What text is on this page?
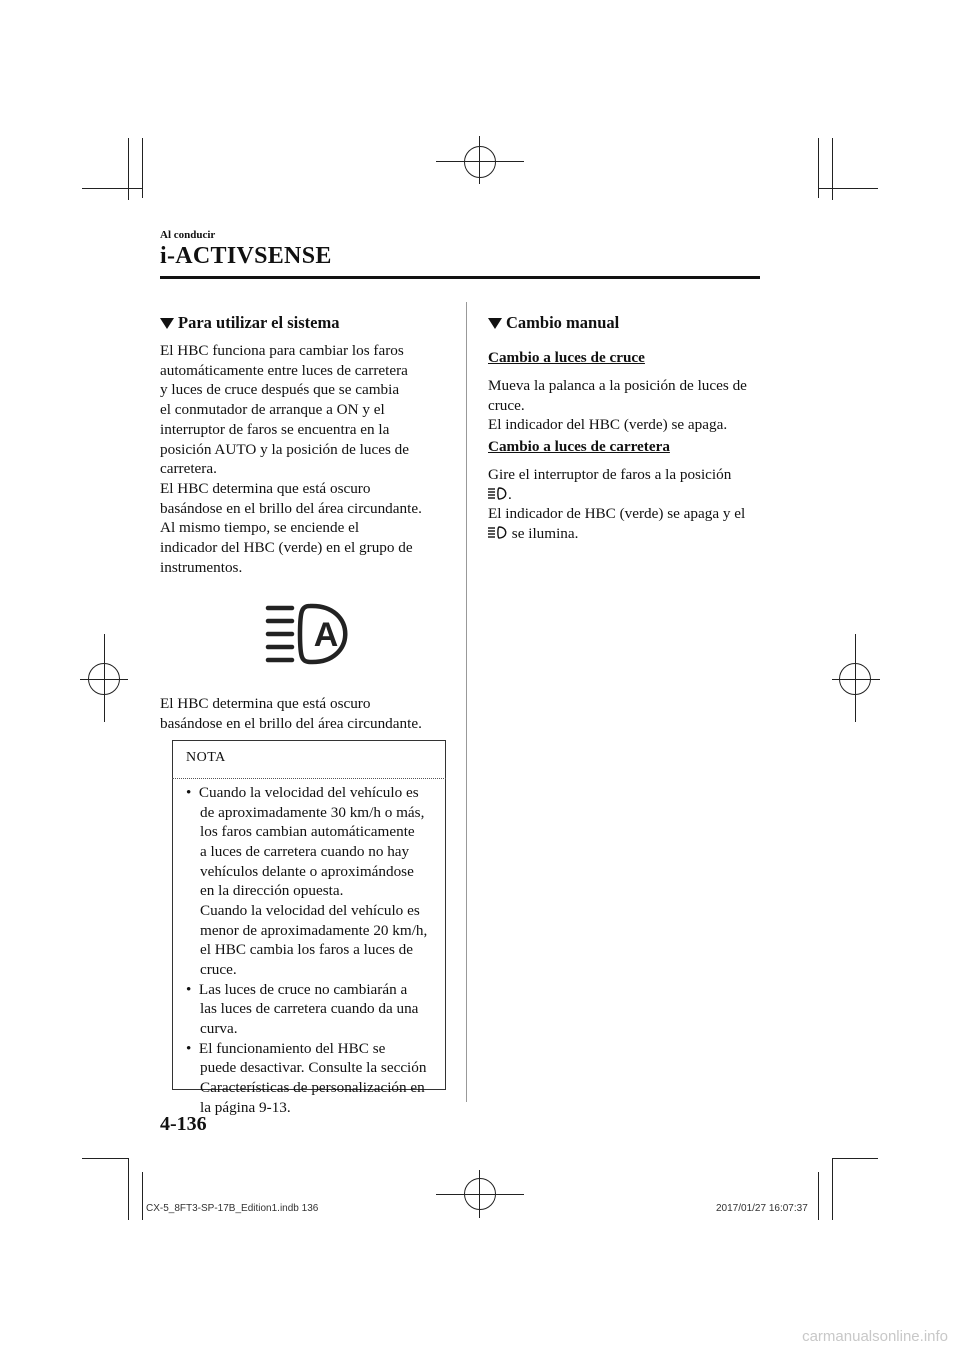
Al conducir
i-ACTIVSENSE
Para utilizar el sistema
El HBC funciona para cambiar los faros
automáticamente entre luces de carretera
y luces de cruce después que se cambia
el conmutador de arranque a ON y el
interruptor de faros se encuentra en la
posición AUTO y la posición de luces de
carretera.
El HBC determina que está oscuro
basándose en el brillo del área circundante.
Al mismo tiempo, se enciende el
indicador del HBC (verde) en el grupo de
instrumentos.
A
El HBC determina que está oscuro
basándose en el brillo del área circundante.
NOTA
• Cuando la velocidad del vehículo es
de aproximadamente 30 km/h o más,
los faros cambian automáticamente
a luces de carretera cuando no hay
vehículos delante o aproximándose
en la dirección opuesta.
Cuando la velocidad del vehículo es
menor de aproximadamente 20 km/h,
el HBC cambia los faros a luces de
cruce.
• Las luces de cruce no cambiarán a
las luces de carretera cuando da una
curva.
• El funcionamiento del HBC se
puede desactivar. Consulte la sección
Características de personalización en
la página 9-13.
Cambio manual
Cambio a luces de cruce
Mueva la palanca a la posición de luces de
cruce.
El indicador del HBC (verde) se apaga.
Cambio a luces de carretera
Gire el interruptor de faros a la posición
.
El indicador de HBC (verde) se apaga y el
se ilumina.
4-136
CX-5_8FT3-SP-17B_Edition1.indb 136	2017/01/27 16:07:37
carmanualsonline.info
